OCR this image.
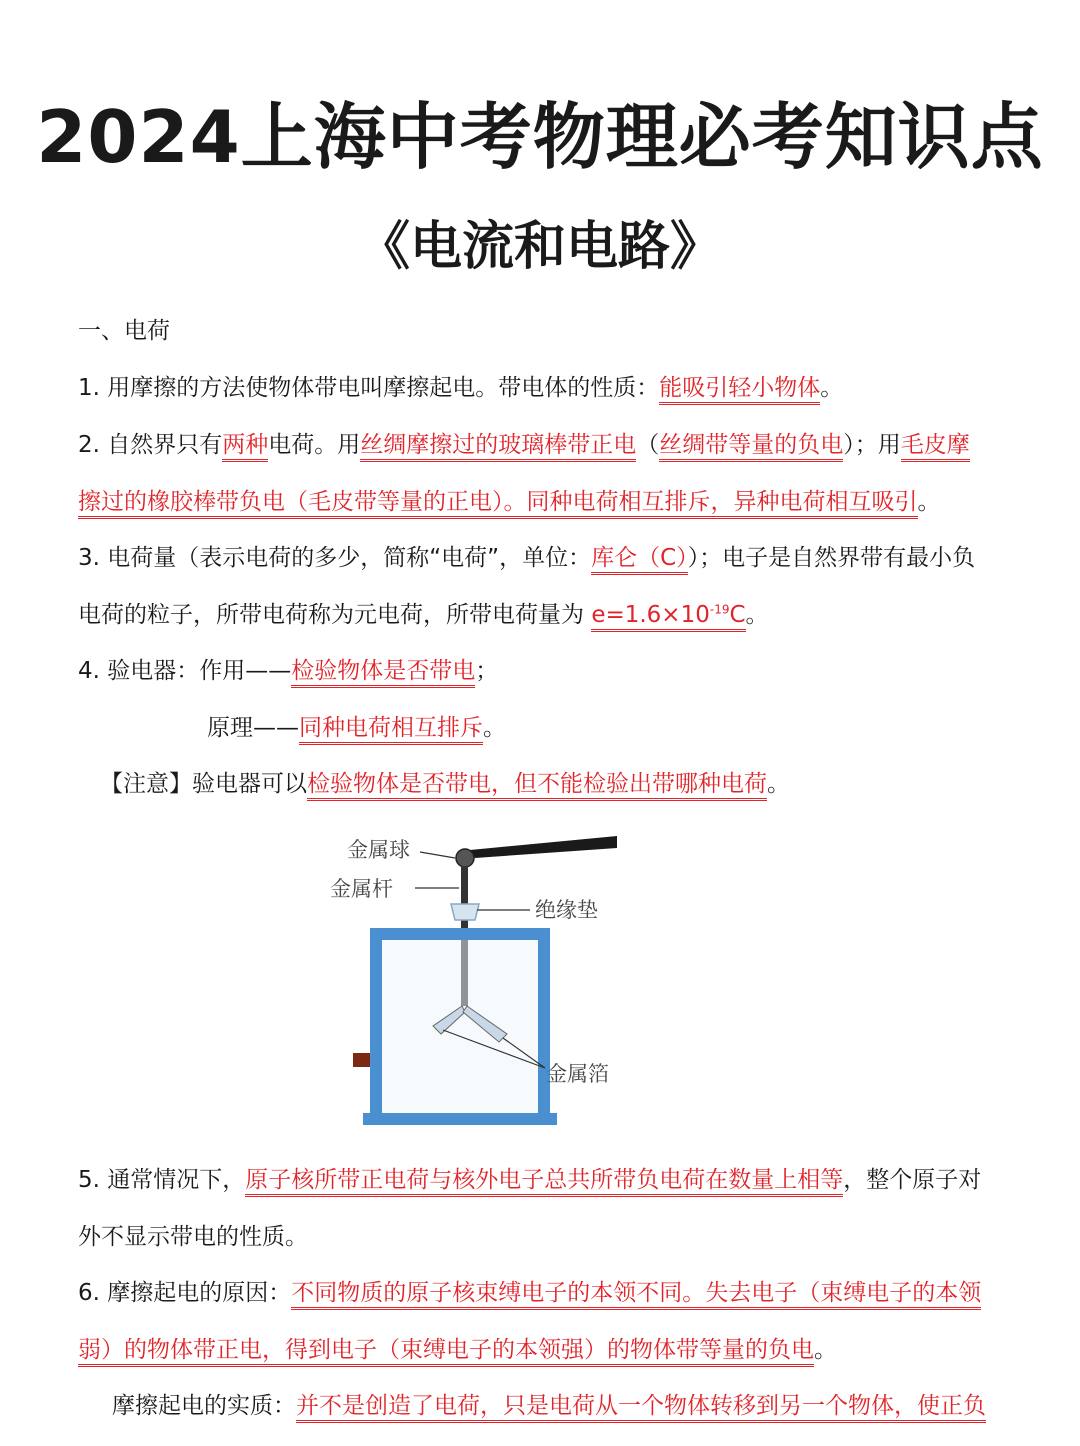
2024上海中考物理必考知识点
《电流和电路》
一、电荷
1. 用摩擦的方法使物体带电叫摩擦起电。带电体的性质：能吸引轻小物体。
2. 自然界只有两种电荷。用丝绸摩擦过的玻璃棒带正电（丝绸带等量的负电）；用毛皮摩
擦过的橡胶棒带负电（毛皮带等量的正电）。同种电荷相互排斥，异种电荷相互吸引。
3. 电荷量（表示电荷的多少，简称“电荷”，单位：库仑（C））；电子是自然界带有最小负
电荷的粒子，所带电荷称为元电荷，所带电荷量为 $e=1.6\times 10^{-19}C$。
4. 验电器：作用——检验物体是否带电；
原理——同种电荷相互排斥。
【注意】验电器可以检验物体是否带电，但不能检验出带哪种电荷。
金属球
金属杆
绝缘垫
金属箔
5. 通常情况下，原子核所带正电荷与核外电子总共所带负电荷在数量上相等，整个原子对
外不显示带电的性质。
6. 摩擦起电的原因：不同物质的原子核束缚电子的本领不同。失去电子（束缚电子的本领
弱）的物体带正电，得到电子（束缚电子的本领强）的物体带等量的负电。
摩擦起电的实质：并不是创造了电荷，只是电荷从一个物体转移到另一个物体，使正负
